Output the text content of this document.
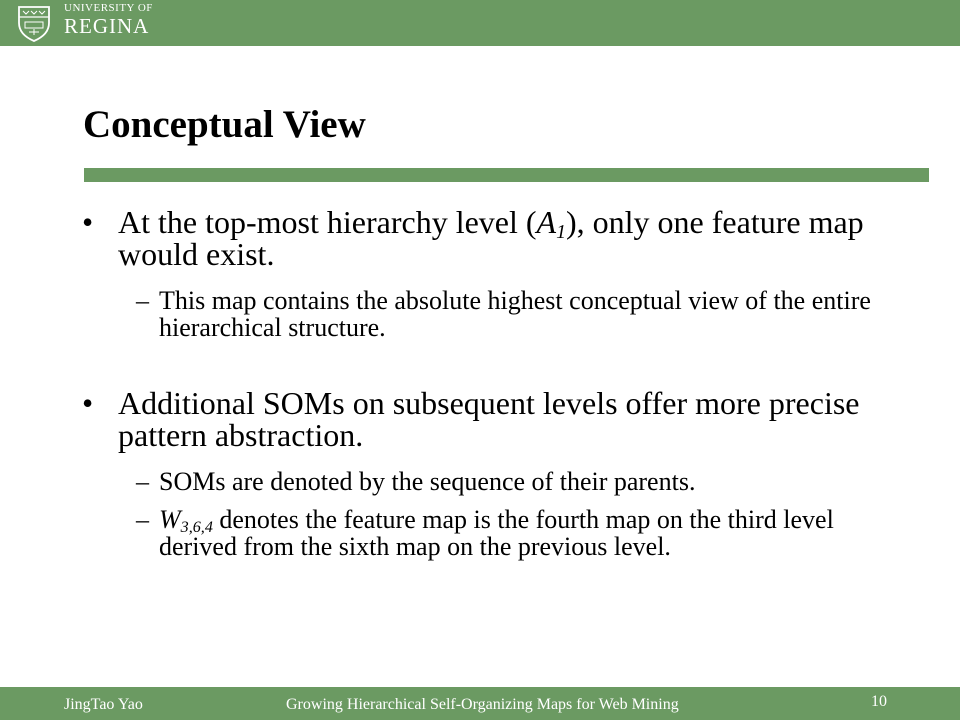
UNIVERSITY OF
REGINA
Conceptual View
• At the top-most hierarchy level $(A_1)$, only one feature map would exist.
– This map contains the absolute highest conceptual view of the entire hierarchical structure.
• Additional SOMs on subsequent levels offer more precise pattern abstraction.
– SOMs are denoted by the sequence of their parents.
– $W_{3,6,4}$ denotes the feature map is the fourth map on the third level derived from the sixth map on the previous level.
JingTao Yao	Growing Hierarchical Self-Organizing Maps for Web Mining	10
